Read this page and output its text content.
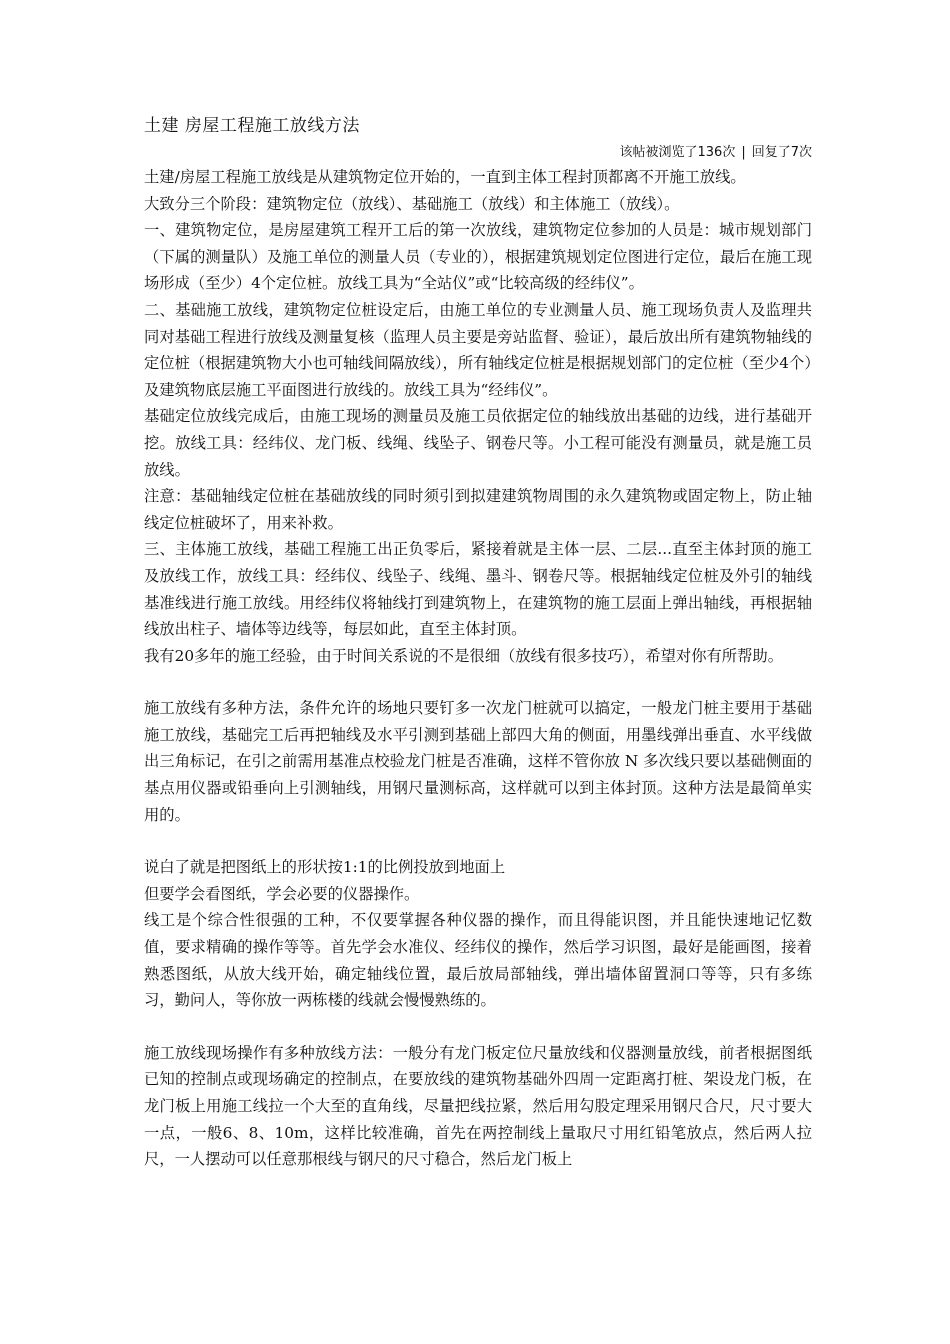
土建 房屋工程施工放线方法
该帖被浏览了136次 | 回复了7次

土建/房屋工程施工放线是从建筑物定位开始的，一直到主体工程封顶都离不开施工放线。

大致分三个阶段：建筑物定位（放线）、基础施工（放线）和主体施工（放线）。

一、建筑物定位，是房屋建筑工程开工后的第一次放线，建筑物定位参加的人员是：城市规划部门（下属的测量队）及施工单位的测量人员（专业的），根据建筑规划定位图进行定位，最后在施工现场形成（至少）4个定位桩。放线工具为“全站仪”或“比较高级的经纬仪”。

二、基础施工放线，建筑物定位桩设定后，由施工单位的专业测量人员、施工现场负责人及监理共同对基础工程进行放线及测量复核（监理人员主要是旁站监督、验证），最后放出所有建筑物轴线的定位桩（根据建筑物大小也可轴线间隔放线），所有轴线定位桩是根据规划部门的定位桩（至少4个）及建筑物底层施工平面图进行放线的。放线工具为“经纬仪”。

基础定位放线完成后，由施工现场的测量员及施工员依据定位的轴线放出基础的边线，进行基础开挖。放线工具：经纬仪、龙门板、线绳、线坠子、钢卷尺等。小工程可能没有测量员，就是施工员放线。

注意：基础轴线定位桩在基础放线的同时须引到拟建建筑物周围的永久建筑物或固定物上，防止轴线定位桩破坏了，用来补救。

三、主体施工放线，基础工程施工出正负零后，紧接着就是主体一层、二层...直至主体封顶的施工及放线工作，放线工具：经纬仪、线坠子、线绳、墨斗、钢卷尺等。根据轴线定位桩及外引的轴线基准线进行施工放线。用经纬仪将轴线打到建筑物上，在建筑物的施工层面上弹出轴线，再根据轴线放出柱子、墙体等边线等，每层如此，直至主体封顶。

我有20多年的施工经验，由于时间关系说的不是很细（放线有很多技巧），希望对你有所帮助。

施工放线有多种方法，条件允许的场地只要钉多一次龙门桩就可以搞定，一般龙门桩主要用于基础施工放线，基础完工后再把轴线及水平引测到基础上部四大角的侧面，用墨线弹出垂直、水平线做出三角标记，在引之前需用基准点校验龙门桩是否准确，这样不管你放 N 多次线只要以基础侧面的基点用仪器或铅垂向上引测轴线，用钢尺量测标高，这样就可以到主体封顶。这种方法是最简单实用的。

说白了就是把图纸上的形状按1:1的比例投放到地面上

但要学会看图纸，学会必要的仪器操作。

线工是个综合性很强的工种，不仅要掌握各种仪器的操作，而且得能识图，并且能快速地记忆数值，要求精确的操作等等。首先学会水准仪、经纬仪的操作，然后学习识图，最好是能画图，接着熟悉图纸，从放大线开始，确定轴线位置，最后放局部轴线，弹出墙体留置洞口等等，只有多练习，勤问人，等你放一两栋楼的线就会慢慢熟练的。

施工放线现场操作有多种放线方法：一般分有龙门板定位尺量放线和仪器测量放线，前者根据图纸已知的控制点或现场确定的控制点，在要放线的建筑物基础外四周一定距离打桩、架设龙门板，在龙门板上用施工线拉一个大至的直角线，尽量把线拉紧，然后用勾股定理采用钢尺合尺，尺寸要大一点，一般6、8、10m，这样比较准确，首先在两控制线上量取尺寸用红铅笔放点，然后两人拉尺，一人摆动可以任意那根线与钢尺的尺寸稳合，然后龙门板上
